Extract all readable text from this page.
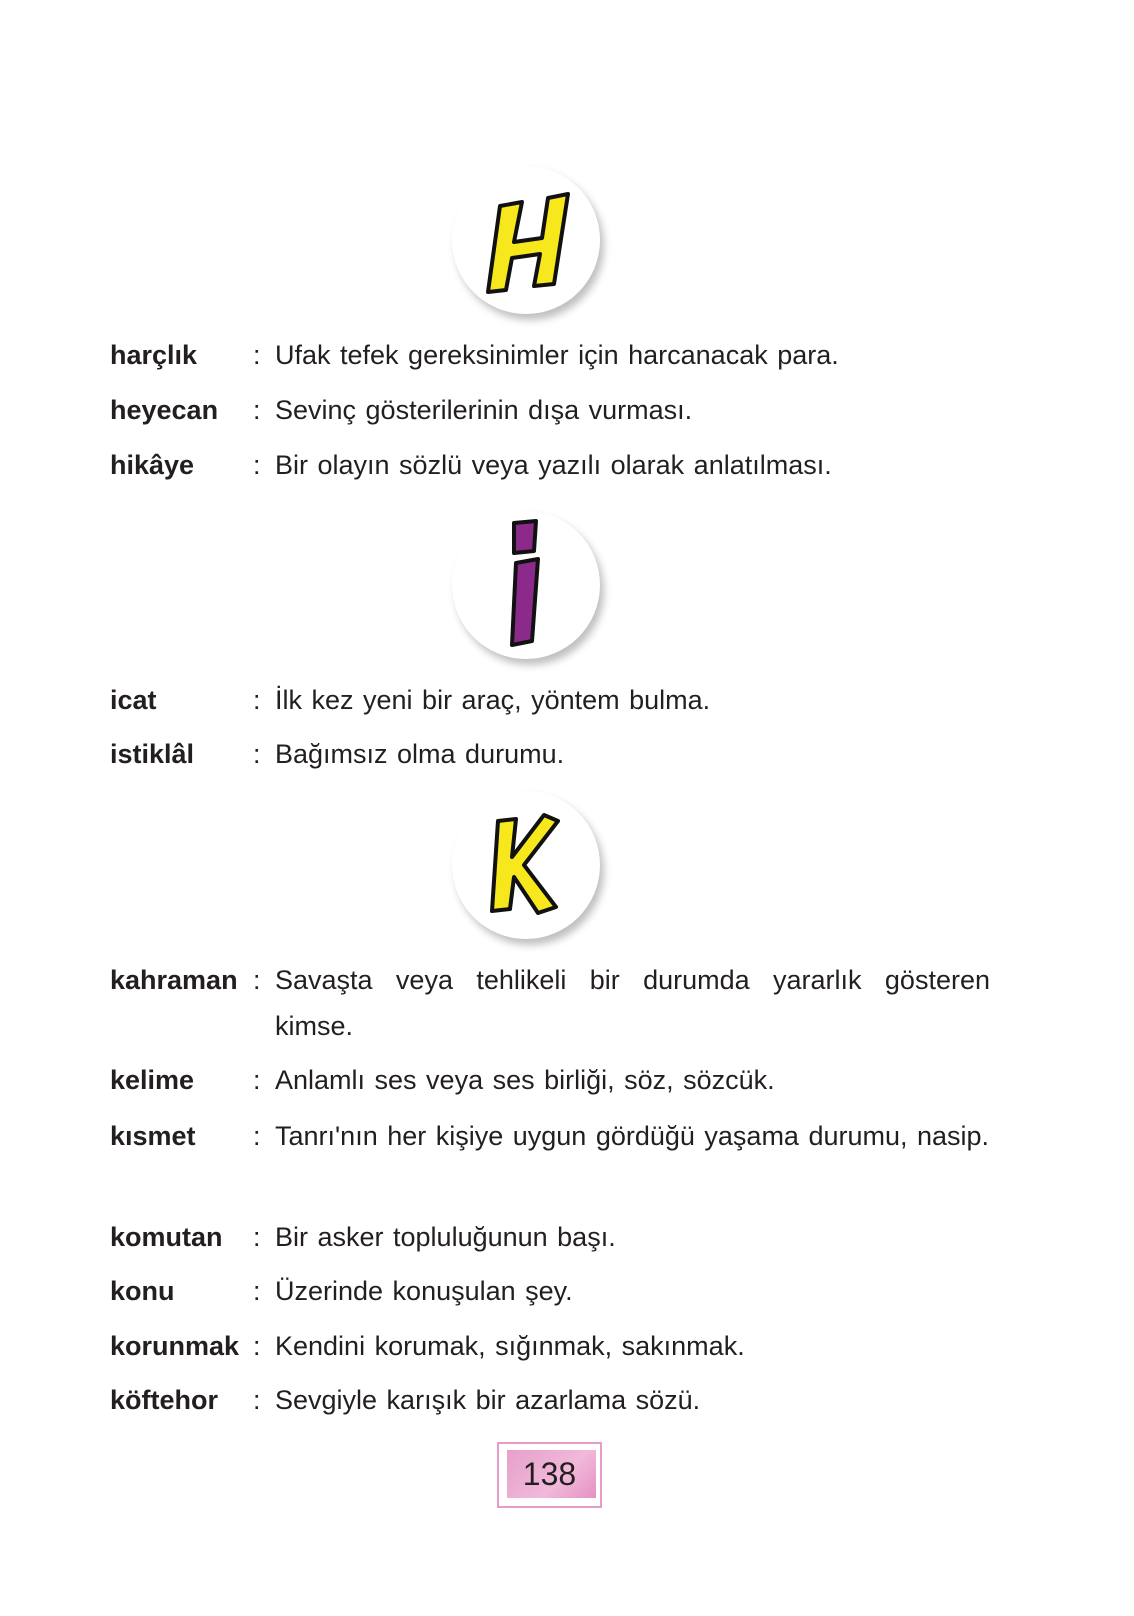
harçlık	: Ufak tefek gereksinimler için harcanacak para.
heyecan	: Sevinç gösterilerinin dışa vurması.
hikâye	: Bir olayın sözlü veya yazılı olarak anlatılması.
icat	: İlk kez yeni bir araç, yöntem bulma.
istiklâl	: Bağımsız olma durumu.
kahraman : Savaşta veya tehlikeli bir durumda yararlık gösteren kimse.
kelime	: Anlamlı ses veya ses birliği, söz, sözcük.
kısmet	: Tanrı'nın her kişiye uygun gördüğü yaşama durumu, nasip.
komutan	: Bir asker topluluğunun başı.
konu	: Üzerinde konuşulan şey.
korunmak : Kendini korumak, sığınmak, sakınmak.
köftehor	: Sevgiyle karışık bir azarlama sözü.
138
